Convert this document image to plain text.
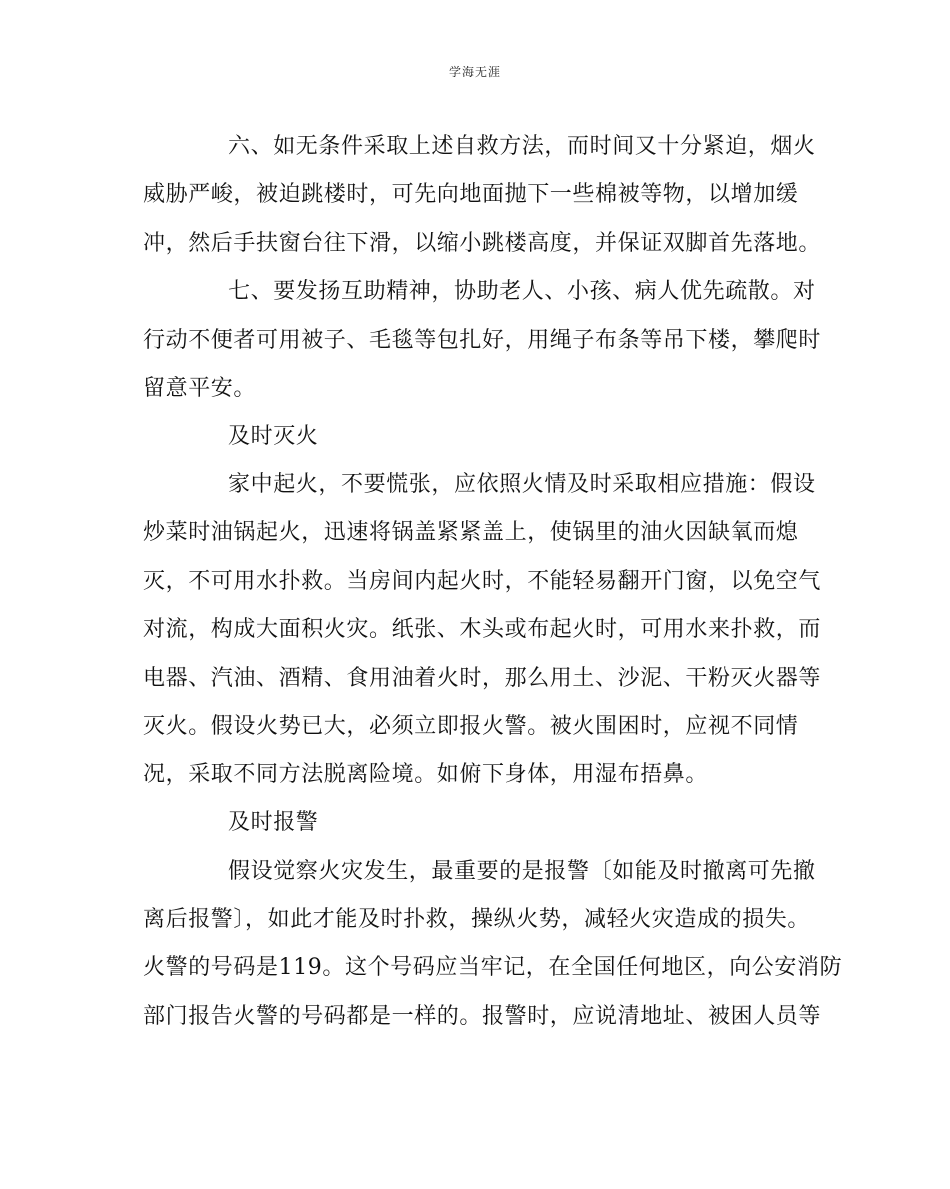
学海无涯
六、如无条件采取上述自救方法，而时间又十分紧迫，烟火
威胁严峻，被迫跳楼时，可先向地面抛下一些棉被等物，以增加缓
冲，然后手扶窗台往下滑，以缩小跳楼高度，并保证双脚首先落地。
七、要发扬互助精神，协助老人、小孩、病人优先疏散。对
行动不便者可用被子、毛毯等包扎好，用绳子布条等吊下楼，攀爬时
留意平安。
及时灭火
家中起火，不要慌张，应依照火情及时采取相应措施：假设
炒菜时油锅起火，迅速将锅盖紧紧盖上，使锅里的油火因缺氧而熄
灭，不可用水扑救。当房间内起火时，不能轻易翻开门窗，以免空气
对流，构成大面积火灾。纸张、木头或布起火时，可用水来扑救，而
电器、汽油、酒精、食用油着火时，那么用土、沙泥、干粉灭火器等
灭火。假设火势已大，必须立即报火警。被火围困时，应视不同情
况，采取不同方法脱离险境。如俯下身体，用湿布捂鼻。
及时报警
假设觉察火灾发生，最重要的是报警〔如能及时撤离可先撤
离后报警〕，如此才能及时扑救，操纵火势，减轻火灾造成的损失。
火警的号码是119。这个号码应当牢记，在全国任何地区，向公安消防
部门报告火警的号码都是一样的。报警时，应说清地址、被困人员等
